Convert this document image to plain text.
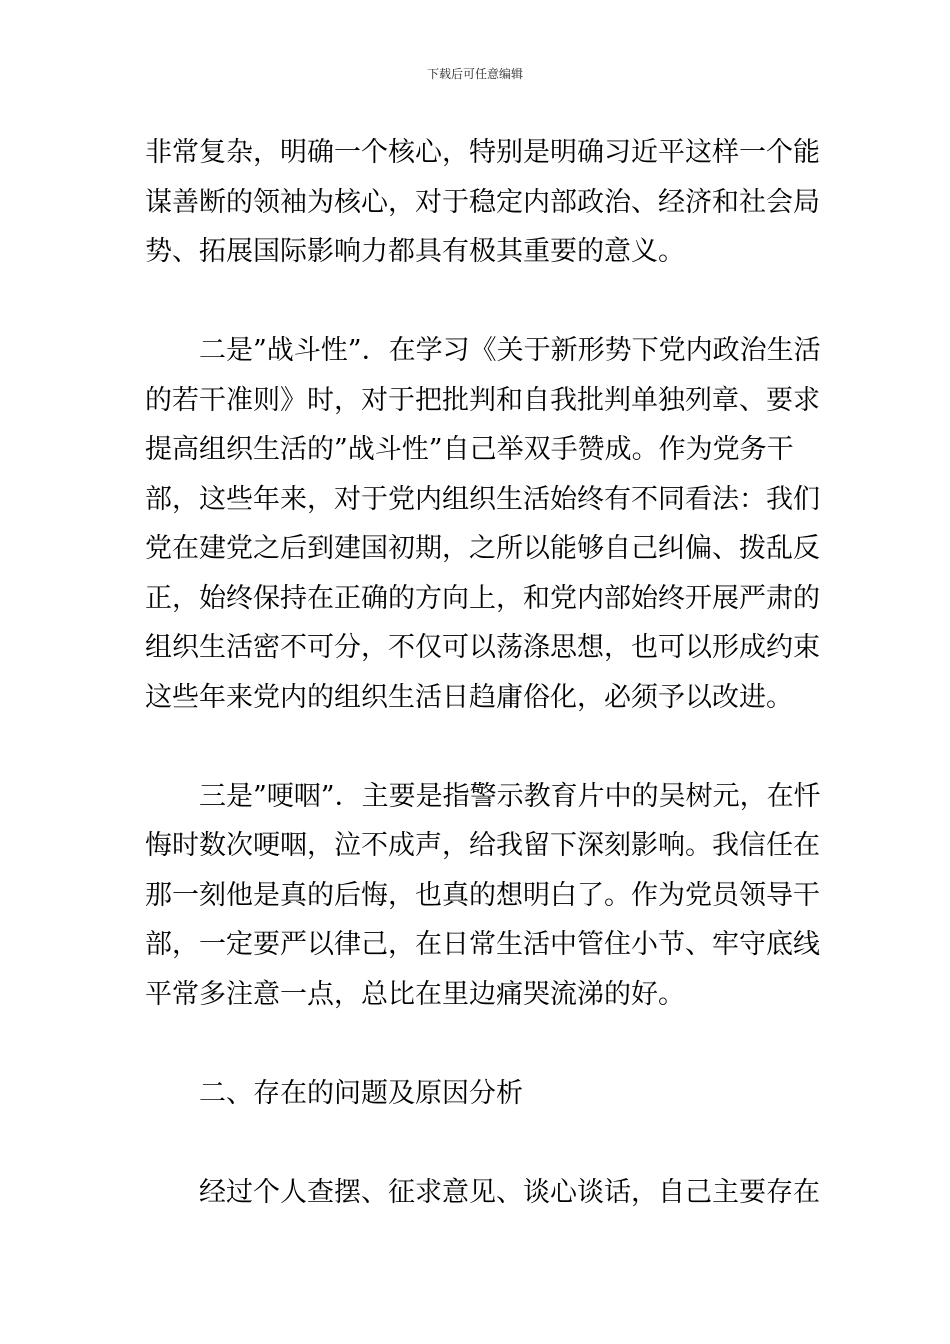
下载后可任意编辑
非常复杂，明确一个核心，特别是明确习近平这样一个能
谋善断的领袖为核心，对于稳定内部政治、经济和社会局
势、拓展国际影响力都具有极其重要的意义。
二是”战斗性”．在学习《关于新形势下党内政治生活
的若干准则》时，对于把批判和自我批判单独列章、要求
提高组织生活的”战斗性”自己举双手赞成。作为党务干
部，这些年来，对于党内组织生活始终有不同看法：我们
党在建党之后到建国初期，之所以能够自己纠偏、拨乱反
正，始终保持在正确的方向上，和党内部始终开展严肃的
组织生活密不可分，不仅可以荡涤思想，也可以形成约束
这些年来党内的组织生活日趋庸俗化，必须予以改进。
三是”哽咽”．主要是指警示教育片中的吴树元，在忏
悔时数次哽咽，泣不成声，给我留下深刻影响。我信任在
那一刻他是真的后悔，也真的想明白了。作为党员领导干
部，一定要严以律己，在日常生活中管住小节、牢守底线
平常多注意一点，总比在里边痛哭流涕的好。
二、存在的问题及原因分析
经过个人查摆、征求意见、谈心谈话，自己主要存在
